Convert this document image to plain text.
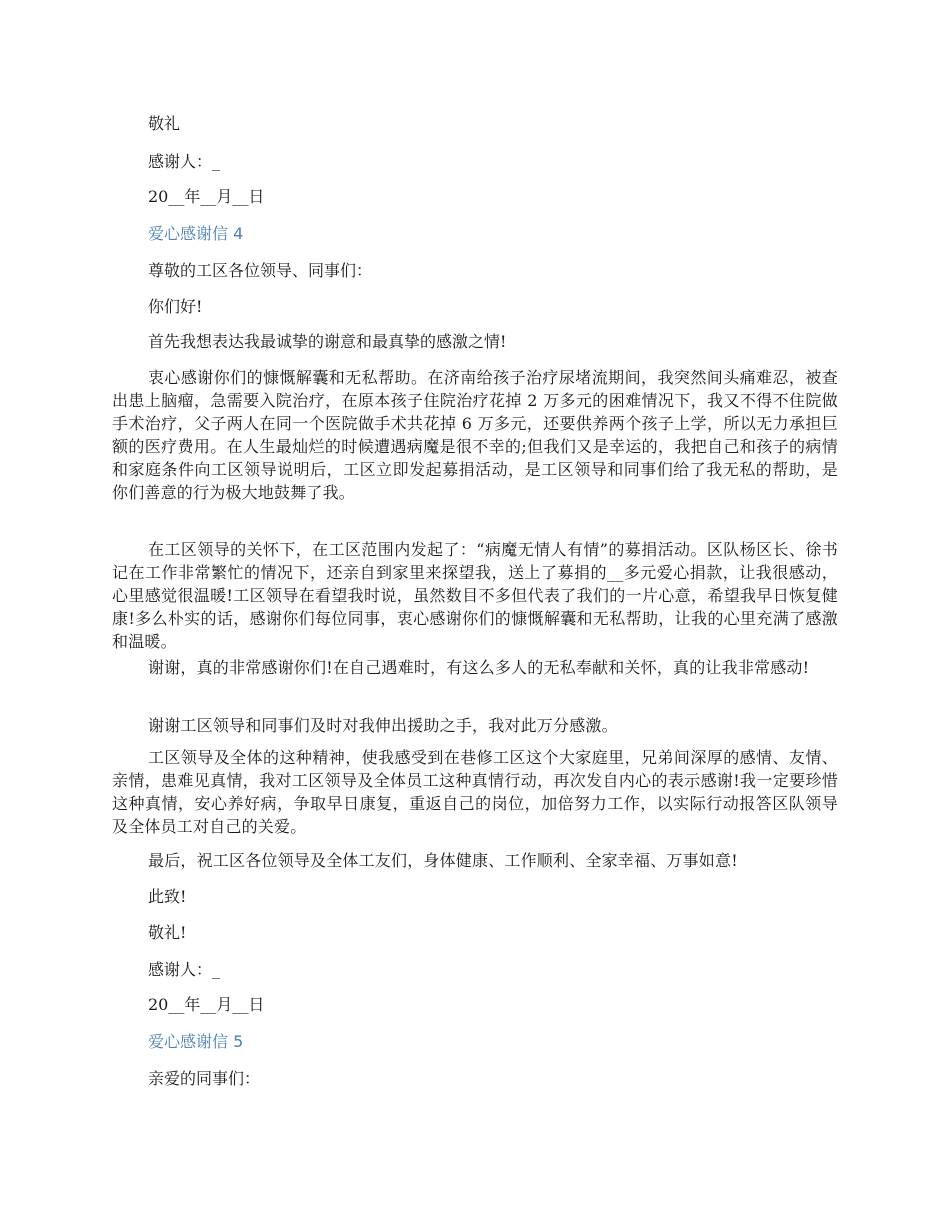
敬礼
感谢人：_
20__年__月__日
爱心感谢信 4
尊敬的工区各位领导、同事们：
你们好!
首先我想表达我最诚挚的谢意和最真挚的感激之情!
衷心感谢你们的慷慨解囊和无私帮助。在济南给孩子治疗尿堵流期间，我突然间头痛难忍，被查出患上脑瘤，急需要入院治疗，在原本孩子住院治疗花掉 2 万多元的困难情况下，我又不得不住院做手术治疗，父子两人在同一个医院做手术共花掉 6 万多元，还要供养两个孩子上学，所以无力承担巨额的医疗费用。在人生最灿烂的时候遭遇病魔是很不幸的;但我们又是幸运的，我把自己和孩子的病情和家庭条件向工区领导说明后，工区立即发起募捐活动，是工区领导和同事们给了我无私的帮助，是你们善意的行为极大地鼓舞了我。
在工区领导的关怀下，在工区范围内发起了：“病魔无情人有情”的募捐活动。区队杨区长、徐书记在工作非常繁忙的情况下，还亲自到家里来探望我，送上了募捐的__多元爱心捐款，让我很感动，心里感觉很温暖!工区领导在看望我时说，虽然数目不多但代表了我们的一片心意，希望我早日恢复健康!多么朴实的话，感谢你们每位同事，衷心感谢你们的慷慨解囊和无私帮助，让我的心里充满了感激和温暖。
谢谢，真的非常感谢你们!在自己遇难时，有这么多人的无私奉献和关怀，真的让我非常感动!
谢谢工区领导和同事们及时对我伸出援助之手，我对此万分感激。
工区领导及全体的这种精神，使我感受到在巷修工区这个大家庭里，兄弟间深厚的感情、友情、亲情，患难见真情，我对工区领导及全体员工这种真情行动，再次发自内心的表示感谢!我一定要珍惜这种真情，安心养好病，争取早日康复，重返自己的岗位，加倍努力工作，以实际行动报答区队领导及全体员工对自己的关爱。
最后，祝工区各位领导及全体工友们，身体健康、工作顺利、全家幸福、万事如意!
此致!
敬礼!
感谢人：_
20__年__月__日
爱心感谢信 5
亲爱的同事们：
